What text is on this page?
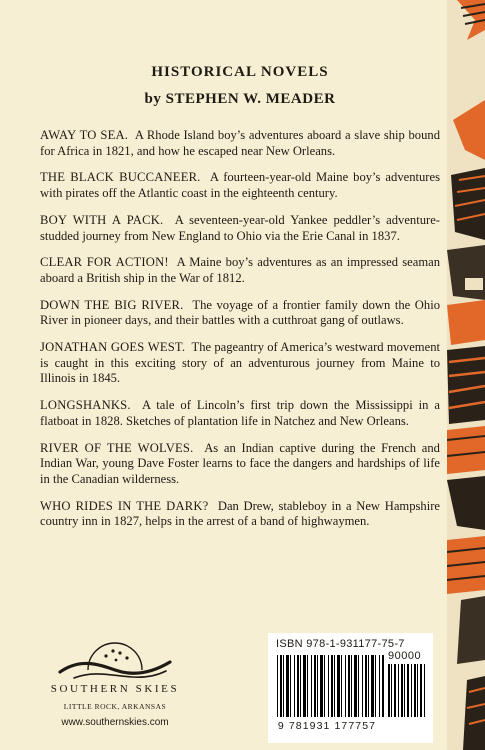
HISTORICAL NOVELS
by STEPHEN W. MEADER

AWAY TO SEA. A Rhode Island boy’s adventures aboard a slave ship bound for Africa in 1821, and how he escaped near New Orleans.

THE BLACK BUCCANEER. A fourteen-year-old Maine boy’s adventures with pirates off the Atlantic coast in the eighteenth century.

BOY WITH A PACK. A seventeen-year-old Yankee peddler’s adventure-studded journey from New England to Ohio via the Erie Canal in 1837.

CLEAR FOR ACTION! A Maine boy’s adventures as an impressed seaman aboard a British ship in the War of 1812.

DOWN THE BIG RIVER. The voyage of a frontier family down the Ohio River in pioneer days, and their battles with a cutthroat gang of outlaws.

JONATHAN GOES WEST. The pageantry of America’s westward movement is caught in this exciting story of an adventurous journey from Maine to Illinois in 1845.

LONGSHANKS. A tale of Lincoln’s first trip down the Mississippi in a flatboat in 1828. Sketches of plantation life in Natchez and New Orleans.

RIVER OF THE WOLVES. As an Indian captive during the French and Indian War, young Dave Foster learns to face the dangers and hardships of life in the Canadian wilderness.

WHO RIDES IN THE DARK? Dan Drew, stableboy in a New Hampshire country inn in 1827, helps in the arrest of a band of highwaymen.

SOUTHERN SKIES
LITTLE ROCK, ARKANSAS
www.southernskies.com
ISBN 978-1-931177-75-7
90000
9 781931 177757
